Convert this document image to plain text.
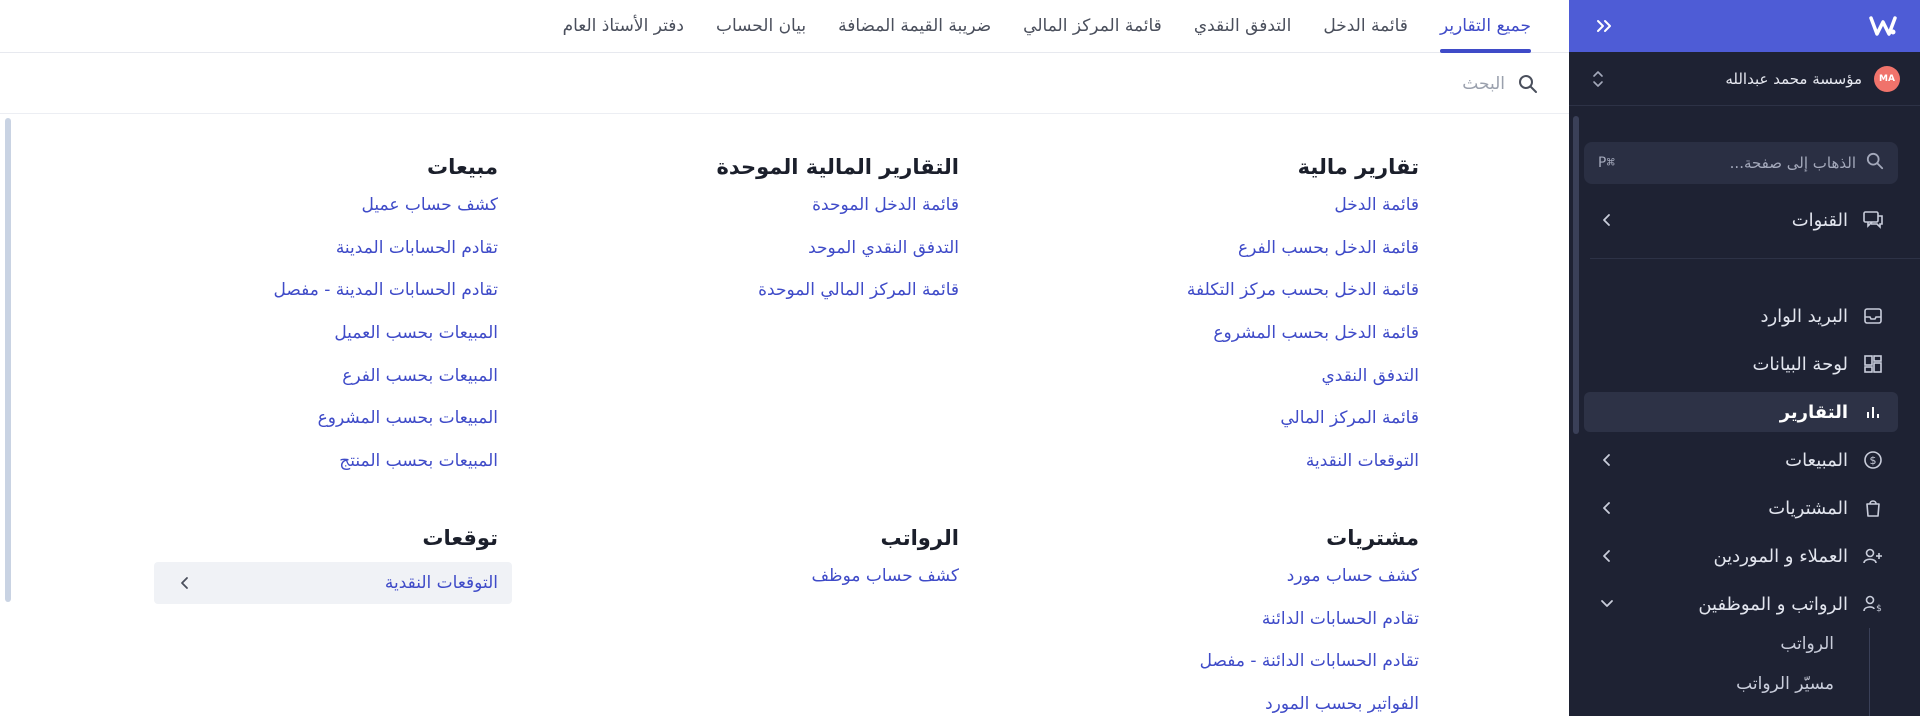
جميع التقارير
قائمة الدخل
التدفق النقدي
قائمة المركز المالي
ضريبة القيمة المضافة
بيان الحساب
دفتر الأستاذ العام
البحث
تقارير مالية
قائمة الدخل
قائمة الدخل بحسب الفرع
قائمة الدخل بحسب مركز التكلفة
قائمة الدخل بحسب المشروع
التدفق النقدي
قائمة المركز المالي
التوقعات النقدية
التقارير المالية الموحدة
قائمة الدخل الموحدة
التدفق النقدي الموحد
قائمة المركز المالي الموحدة
مبيعات
كشف حساب عميل
تقادم الحسابات المدينة
تقادم الحسابات المدينة - مفصل
المبيعات بحسب العميل
المبيعات بحسب الفرع
المبيعات بحسب المشروع
المبيعات بحسب المنتج
مشتريات
كشف حساب مورد
تقادم الحسابات الدائنة
تقادم الحسابات الدائنة - مفصل
الفواتير بحسب المورد
الرواتب
كشف حساب موظف
توقعات
التوقعات النقدية
MA
مؤسسة محمد عبدالله
الذهاب إلى صفحة...
⌘P
القنوات
البريد الوارد
لوحة البيانات
التقارير
$
المبيعات
المشتريات
العملاء و الموردين
$
الرواتب و الموظفين
الرواتب
مسيّر الرواتب
